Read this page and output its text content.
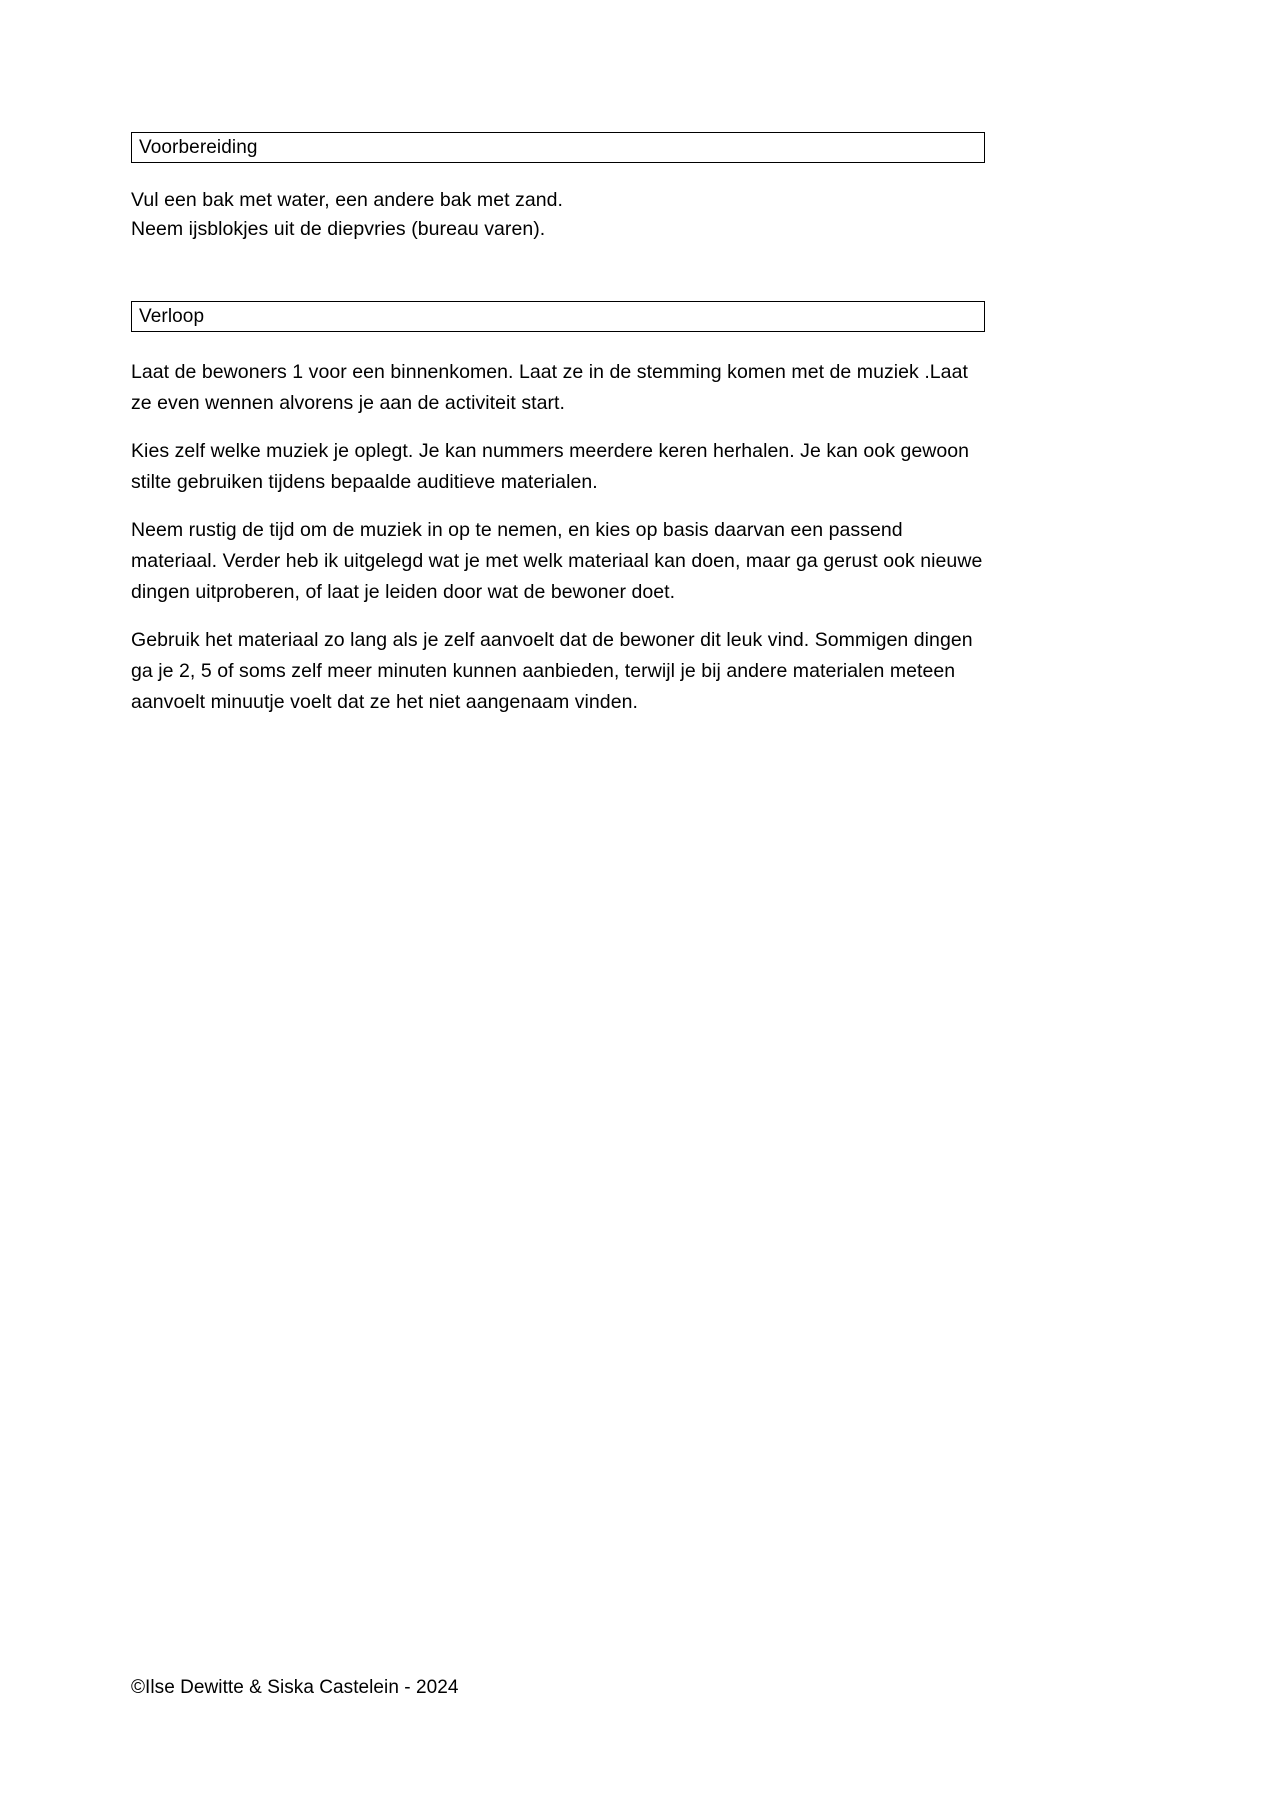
Voorbereiding
Vul een bak met water, een andere bak met zand.
Neem ijsblokjes uit de diepvries (bureau varen).
Verloop

Laat de bewoners 1 voor een binnenkomen. Laat ze in de stemming komen met de muziek .Laat ze even wennen alvorens je aan de activiteit start.

Kies zelf welke muziek je oplegt. Je kan nummers meerdere keren herhalen. Je kan ook gewoon stilte gebruiken tijdens bepaalde auditieve materialen.

Neem rustig de tijd om de muziek in op te nemen, en kies op basis daarvan een passend materiaal. Verder heb ik uitgelegd wat je met welk materiaal kan doen, maar ga gerust ook nieuwe dingen uitproberen, of laat je leiden door wat de bewoner doet.

Gebruik het materiaal zo lang als je zelf aanvoelt dat de bewoner dit leuk vind. Sommigen dingen ga je 2, 5 of soms zelf meer minuten kunnen aanbieden, terwijl je bij andere materialen meteen aanvoelt minuutje voelt dat ze het niet aangenaam vinden.

©Ilse Dewitte & Siska Castelein - 2024
